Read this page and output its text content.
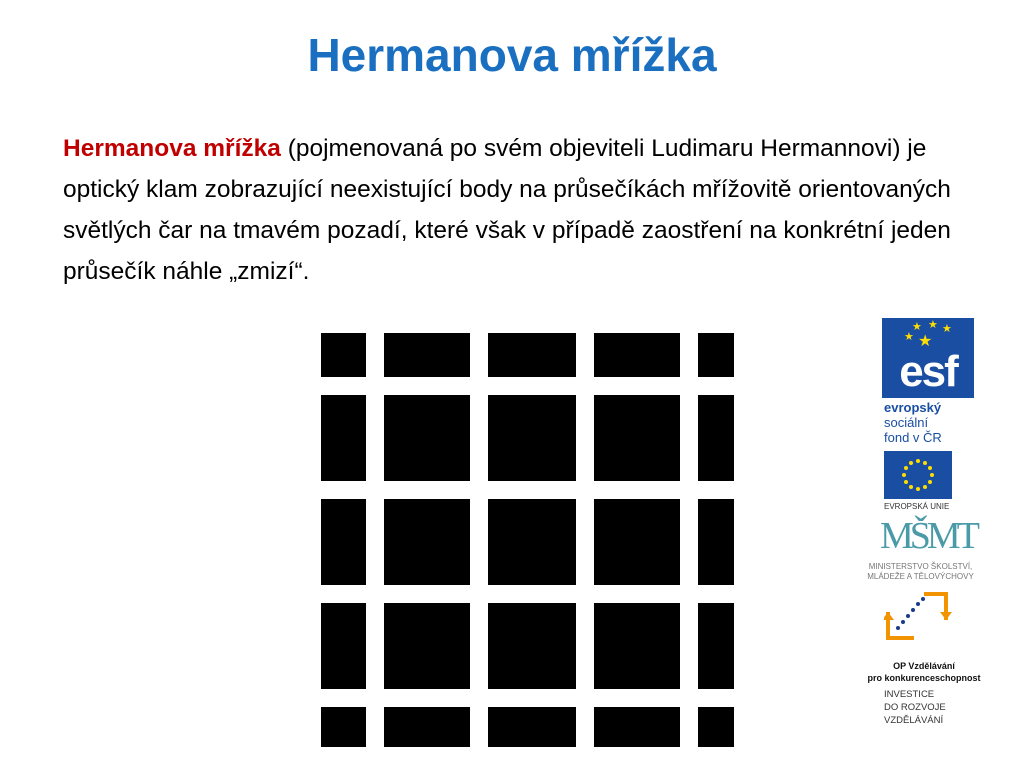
Hermanova mřížka
Hermanova mřížka (pojmenovaná po svém objeviteli Ludimaru Hermannovi) je optický klam zobrazující neexistující body na průsečíkách mřížovitě orientovaných světlých čar na tmavém pozadí, které však v případě zaostření na konkrétní jeden průsečík náhle „zmizí“.
★ ★ ★
★ ★
esf
evropský
sociální
fond v ČR
EVROPSKÁ UNIE
MŠMT
MINISTERSTVO ŠKOLSTVÍ,
MLÁDEŽE A TĚLOVÝCHOVY
OP Vzdělávání
pro konkurenceschopnost
INVESTICE
DO ROZVOJE
VZDĚLÁVÁNÍ
